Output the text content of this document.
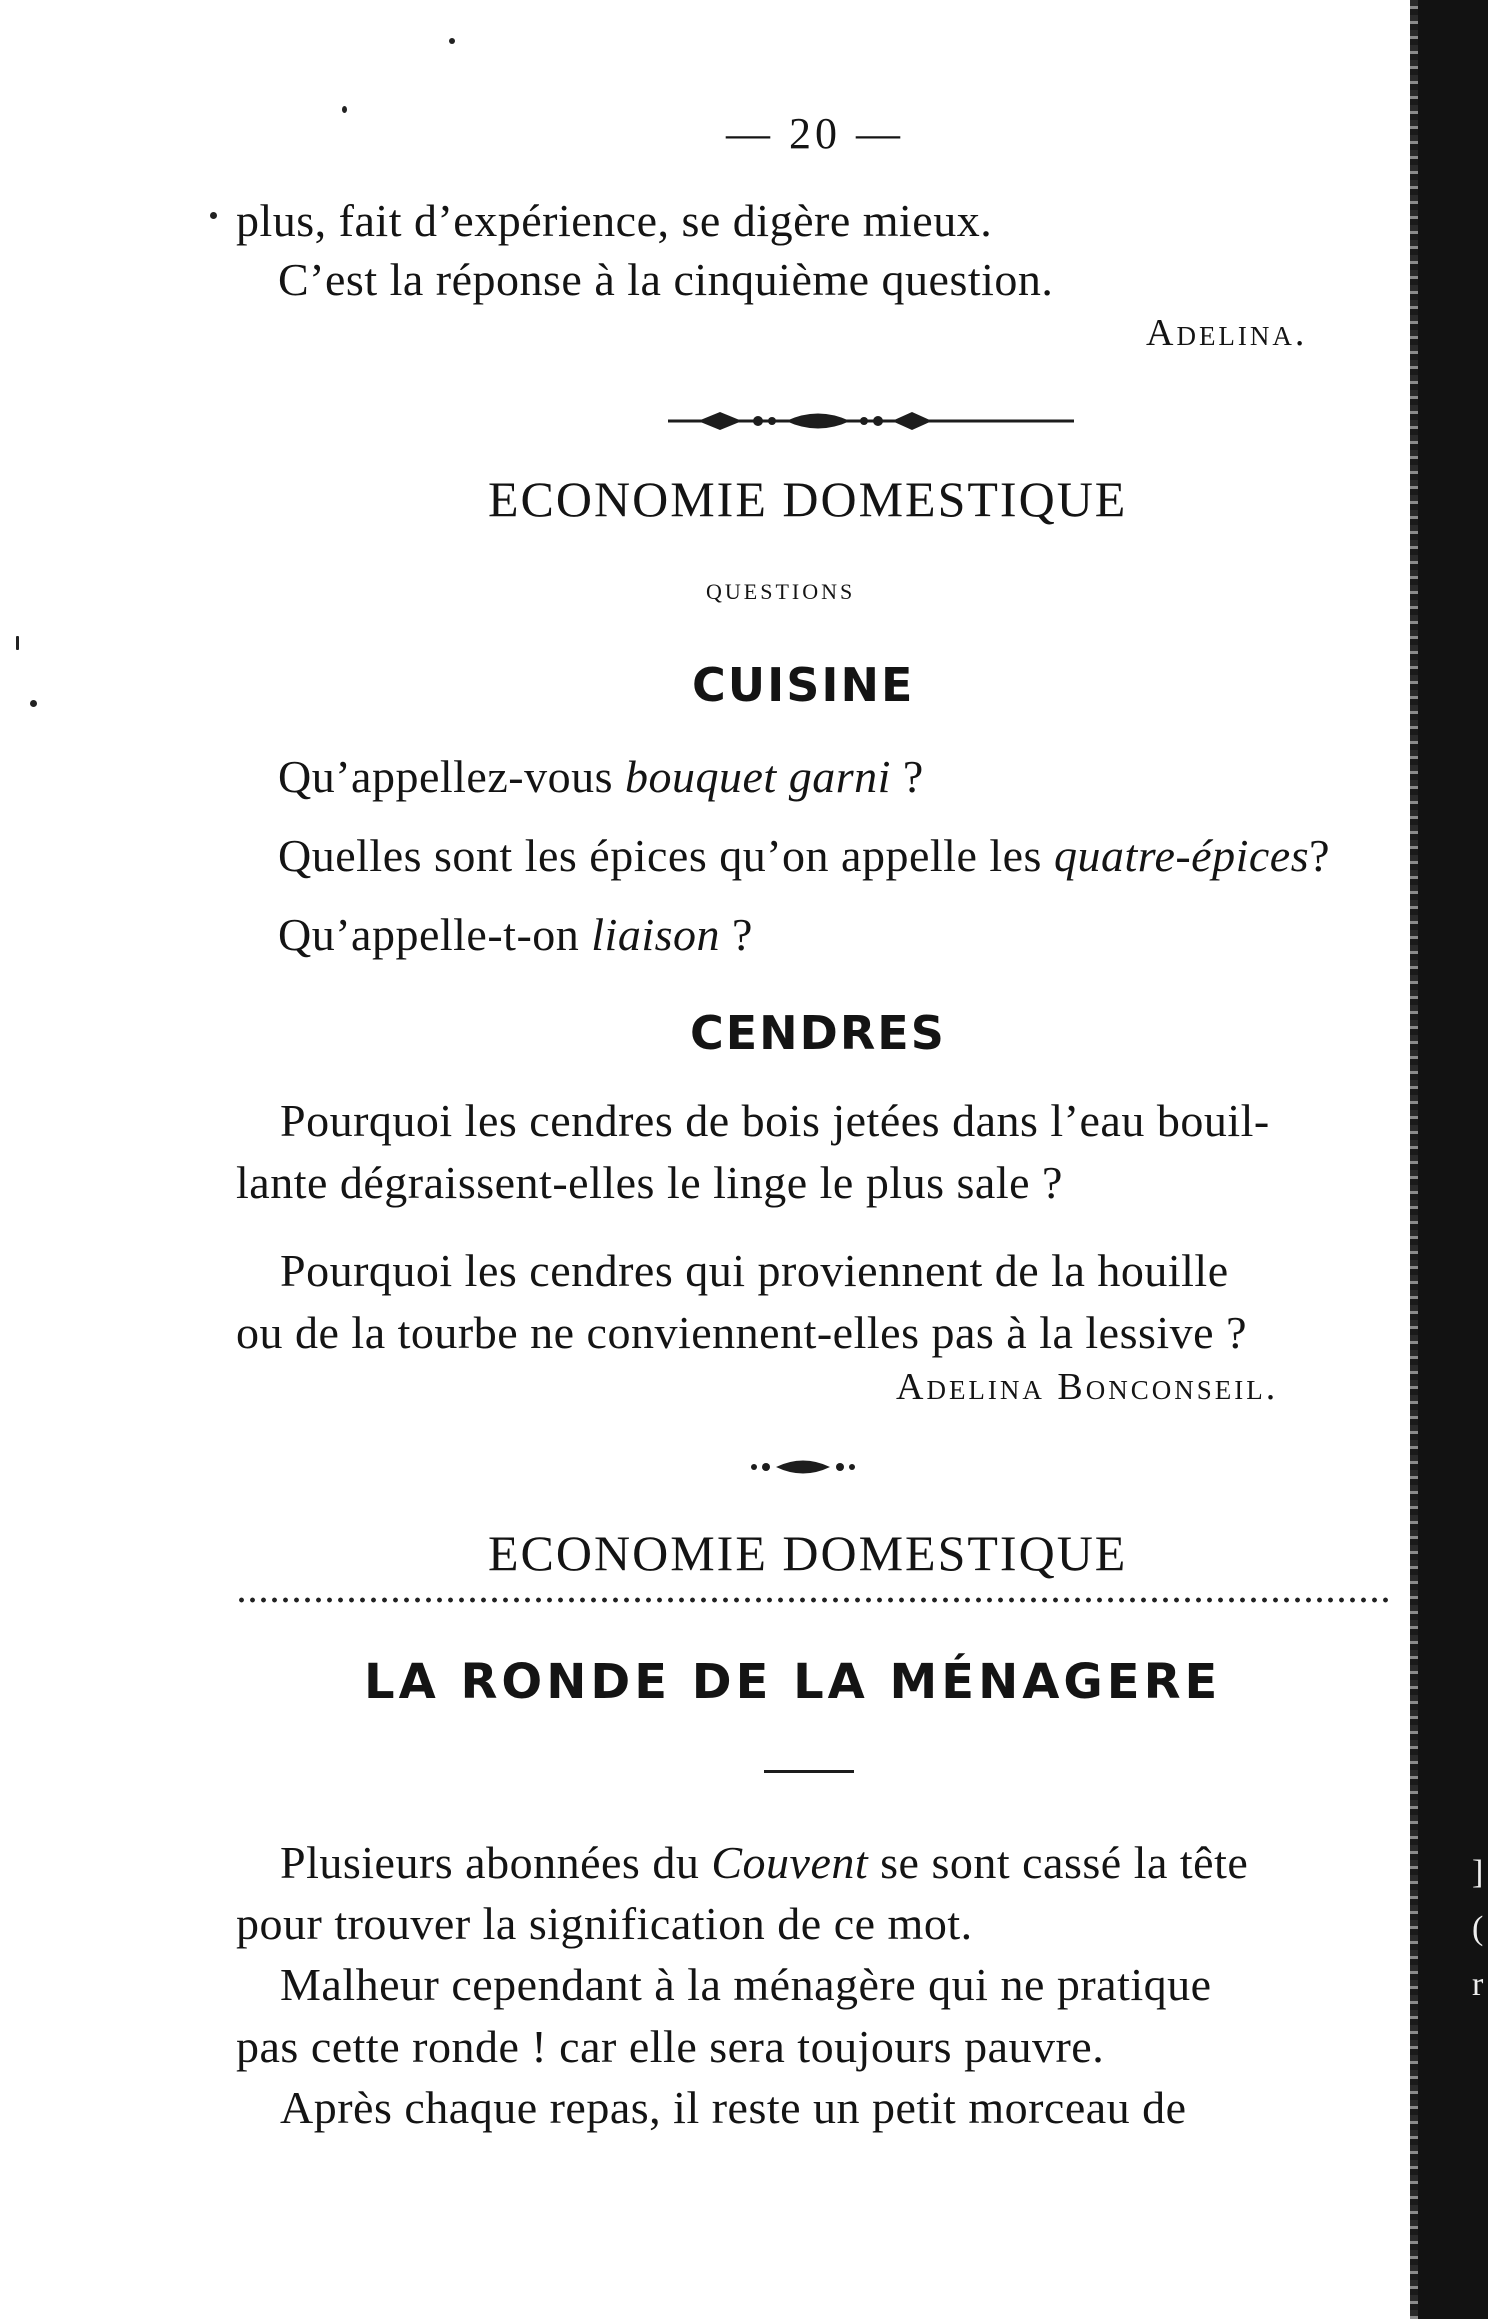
— 20 —
plus, fait d’expérience, se digère mieux.
C’est la réponse à la cinquième question.
Adelina.
ECONOMIE DOMESTIQUE
questions
CUISINE
Qu’appellez-vous bouquet garni ?
Quelles sont les épices qu’on appelle les quatre-épices?
Qu’appelle-t-on liaison ?
CENDRES
Pourquoi les cendres de bois jetées dans l’eau bouil-
lante dégraissent-elles le linge le plus sale ?
Pourquoi les cendres qui proviennent de la houille
ou de la tourbe ne conviennent-elles pas à la lessive ?
Adelina Bonconseil.
ECONOMIE DOMESTIQUE
LA RONDE DE LA MÉNAGERE
Plusieurs abonnées du Couvent se sont cassé la tête
pour trouver la signification de ce mot.
Malheur cependant à la ménagère qui ne pratique
pas cette ronde ! car elle sera toujours pauvre.
Après chaque repas, il reste un petit morceau de
]
(
r
